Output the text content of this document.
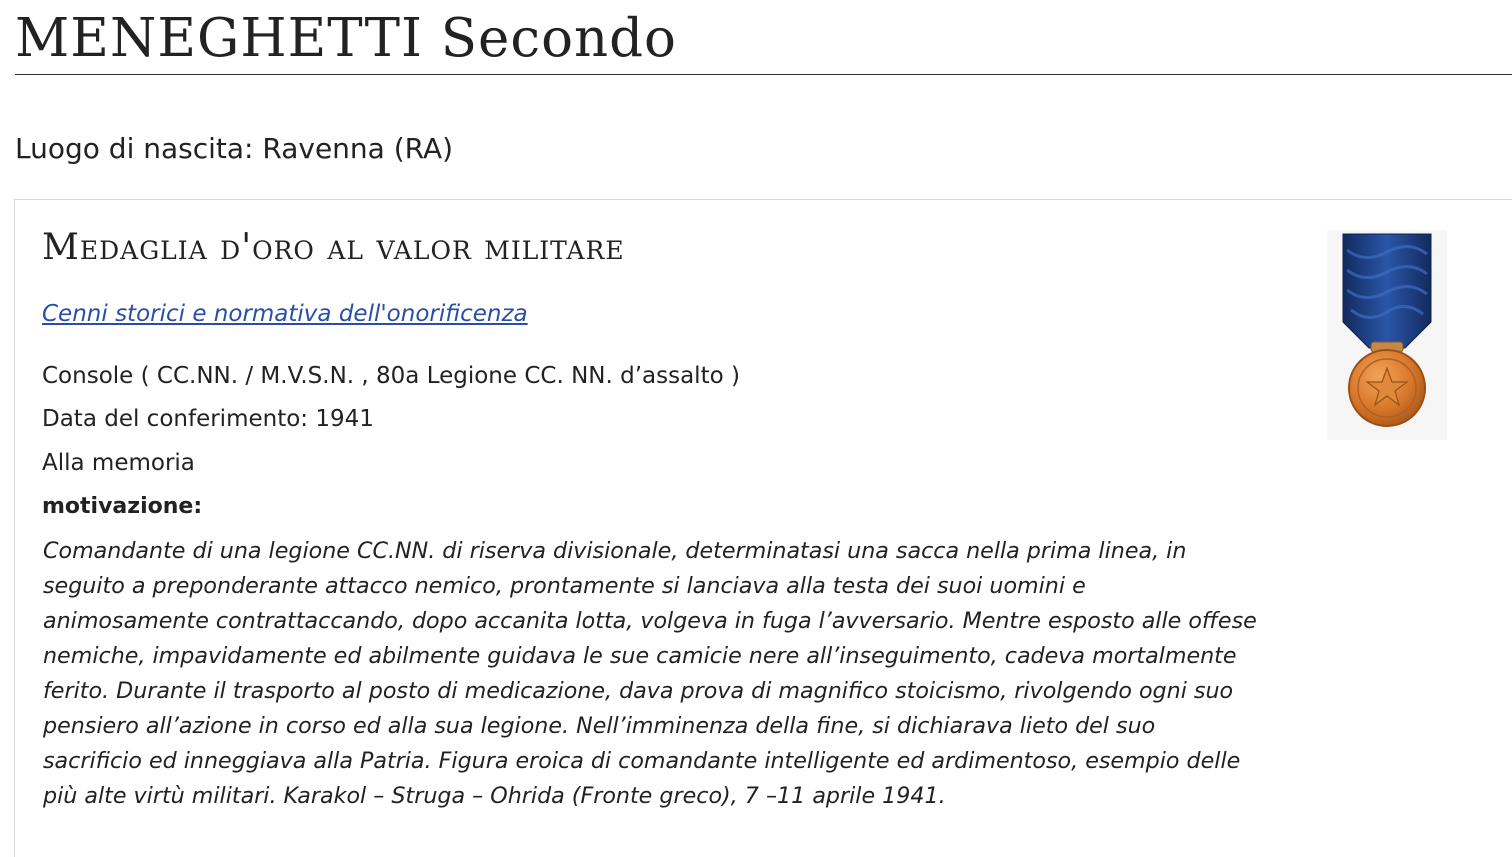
MENEGHETTI Secondo

Luogo di nascita: Ravenna (RA)

Medaglia d'oro al valor militare
Cenni storici e normativa dell'onorificenza
Console ( CC.NN. / M.V.S.N. , 80a Legione CC. NN. d’assalto )
Data del conferimento: 1941
Alla memoria

motivazione:

Comandante di una legione CC.NN. di riserva divisionale, determinatasi una sacca nella prima linea, in seguito a preponderante attacco nemico, prontamente si lanciava alla testa dei suoi uomini e animosamente contrattaccando, dopo accanita lotta, volgeva in fuga l’avversario. Mentre esposto alle offese nemiche, impavidamente ed abilmente guidava le sue camicie nere all’inseguimento, cadeva mortalmente ferito. Durante il trasporto al posto di medicazione, dava prova di magnifico stoicismo, rivolgendo ogni suo pensiero all’azione in corso ed alla sua legione. Nell’imminenza della fine, si dichiarava lieto del suo sacrificio ed inneggiava alla Patria. Figura eroica di comandante intelligente ed ardimentoso, esempio delle più alte virtù militari. Karakol – Struga – Ohrida (Fronte greco), 7 –11 aprile 1941.
